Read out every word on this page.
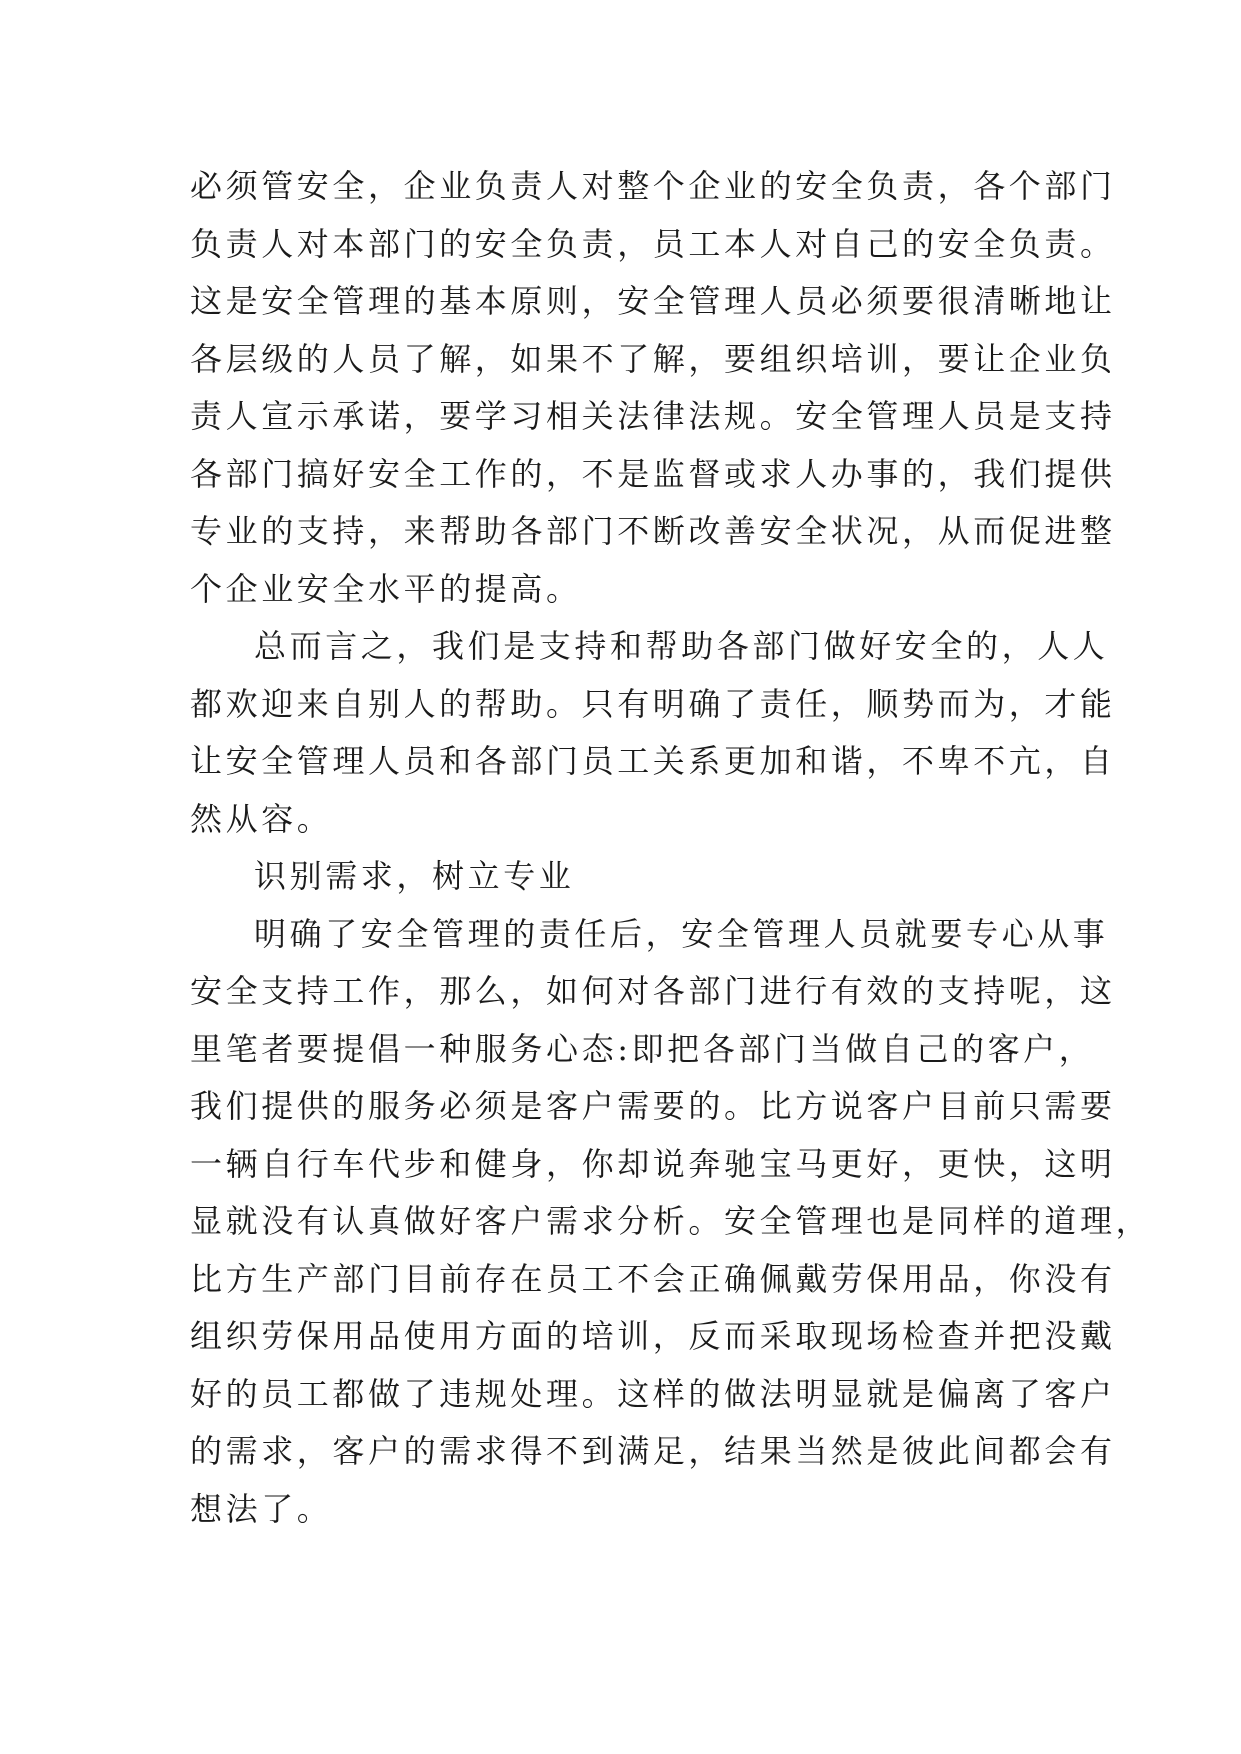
必须管安全，企业负责人对整个企业的安全负责，各个部门
负责人对本部门的安全负责，员工本人对自己的安全负责。
这是安全管理的基本原则，安全管理人员必须要很清晰地让
各层级的人员了解，如果不了解，要组织培训，要让企业负
责人宣示承诺，要学习相关法律法规。安全管理人员是支持
各部门搞好安全工作的，不是监督或求人办事的，我们提供
专业的支持，来帮助各部门不断改善安全状况，从而促进整
个企业安全水平的提高。
总而言之，我们是支持和帮助各部门做好安全的，人人
都欢迎来自别人的帮助。只有明确了责任，顺势而为，才能
让安全管理人员和各部门员工关系更加和谐，不卑不亢，自
然从容。
识别需求，树立专业
明确了安全管理的责任后，安全管理人员就要专心从事
安全支持工作，那么，如何对各部门进行有效的支持呢，这
里笔者要提倡一种服务心态:即把各部门当做自己的客户，
我们提供的服务必须是客户需要的。比方说客户目前只需要
一辆自行车代步和健身，你却说奔驰宝马更好，更快，这明
显就没有认真做好客户需求分析。安全管理也是同样的道理，
比方生产部门目前存在员工不会正确佩戴劳保用品，你没有
组织劳保用品使用方面的培训，反而采取现场检查并把没戴
好的员工都做了违规处理。这样的做法明显就是偏离了客户
的需求，客户的需求得不到满足，结果当然是彼此间都会有
想法了。
